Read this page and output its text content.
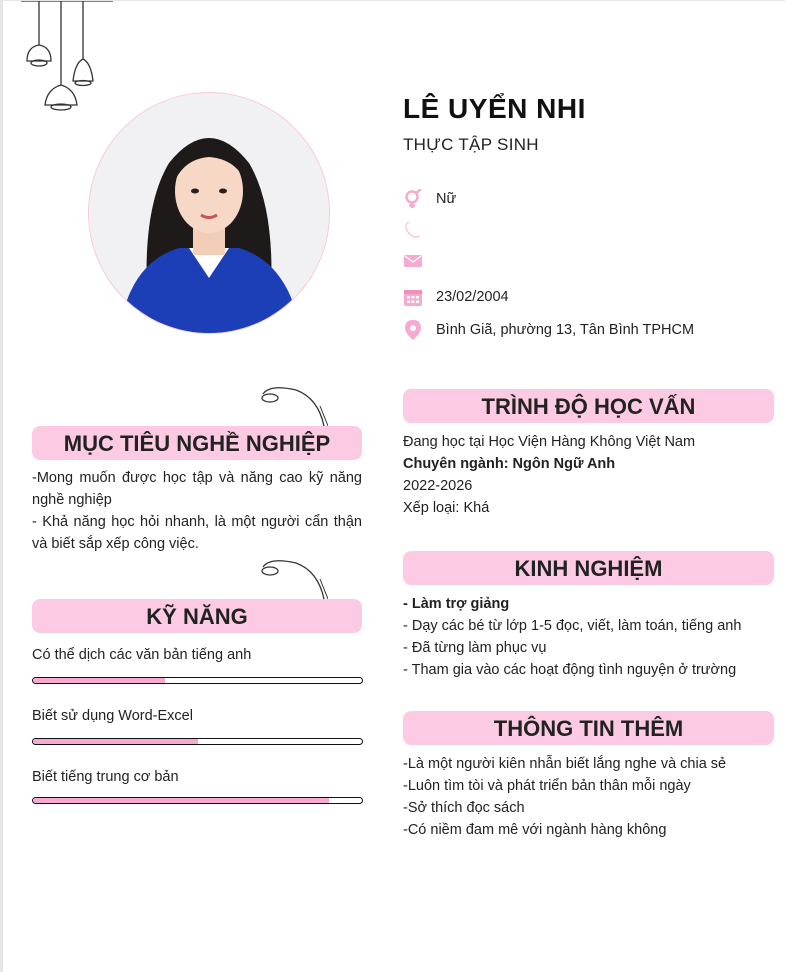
LÊ UYỂN NHI
THỰC TẬP SINH
Nữ
23/02/2004
Bình Giã, phường 13, Tân Bình TPHCM
MỤC TIÊU NGHỀ NGHIỆP
-Mong muốn được học tập và năng cao kỹ năng nghề nghiệp
- Khả năng học hỏi nhanh, là một người cẩn thận và biết sắp xếp công việc.
KỸ NĂNG
Có thể dịch các văn bản tiếng anh
Biết sử dụng Word-Excel
Biết tiếng trung cơ bản
TRÌNH ĐỘ HỌC VẤN
Đang học tại Học Viện Hàng Không Việt Nam
Chuyên ngành: Ngôn Ngữ Anh
2022-2026
Xếp loại: Khá
KINH NGHIỆM
- Làm trợ giảng
- Dạy các bé từ lớp 1-5 đọc, viết, làm toán, tiếng anh
- Đã từng làm phục vụ
- Tham gia vào các hoạt động tình nguyện ở trường
THÔNG TIN THÊM
-Là một người kiên nhẫn biết lắng nghe và chia sẻ
-Luôn tìm tòi và phát triển bản thân mỗi ngày
-Sở thích đọc sách
-Có niềm đam mê với ngành hàng không
